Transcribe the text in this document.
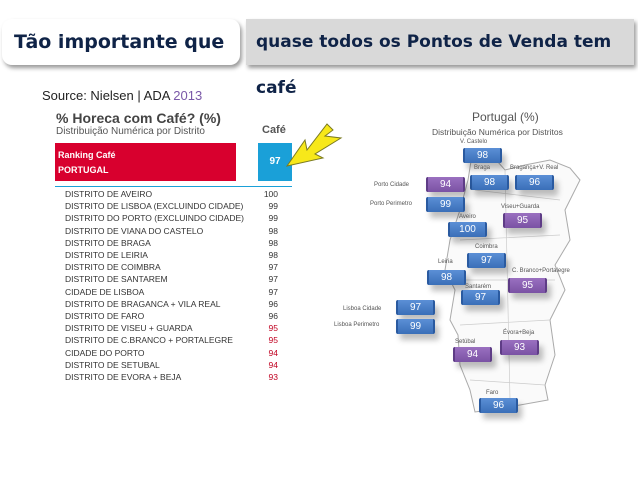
Tão importante que	quase todos os Pontos de Venda tem café
Source: Nielsen | ADA 2013
% Horeca com Café? (%)
Distribuição Numérica por Distrito	Café
Ranking Café
PORTUGAL
97
DISTRITO DE AVEIRO	100
DISTRITO DE LISBOA (EXCLUINDO CIDADE)	99
DISTRITO DO PORTO (EXCLUINDO CIDADE)	99
DISTRITO DE VIANA DO CASTELO	98
DISTRITO DE BRAGA	98
DISTRITO DE LEIRIA	98
DISTRITO DE COIMBRA	97
DISTRITO DE SANTAREM	97
CIDADE DE LISBOA	97
DISTRITO DE BRAGANCA + VILA REAL	96
DISTRITO DE FARO	96
DISTRITO DE VISEU + GUARDA	95
DISTRITO DE C.BRANCO + PORTALEGRE	95
CIDADE DO PORTO	94
DISTRITO DE SETUBAL	94
DISTRITO DE EVORA + BEJA	93
Portugal (%)
Distribuição Numérica por Distritos
V. Castelo
98
Braga
98
Bragança+V. Real
96
Porto Cidade	94
Porto Perimetro	99	Viseu+Guarda
95
Aveiro
100
Coimbra
97
Leiria
98
C. Branco+Portalegre
95
Santarém
97
Lisboa Cidade	97
Lisboa Perimetro	99
Évora+Beja
93
Setúbal
94
Faro
96
